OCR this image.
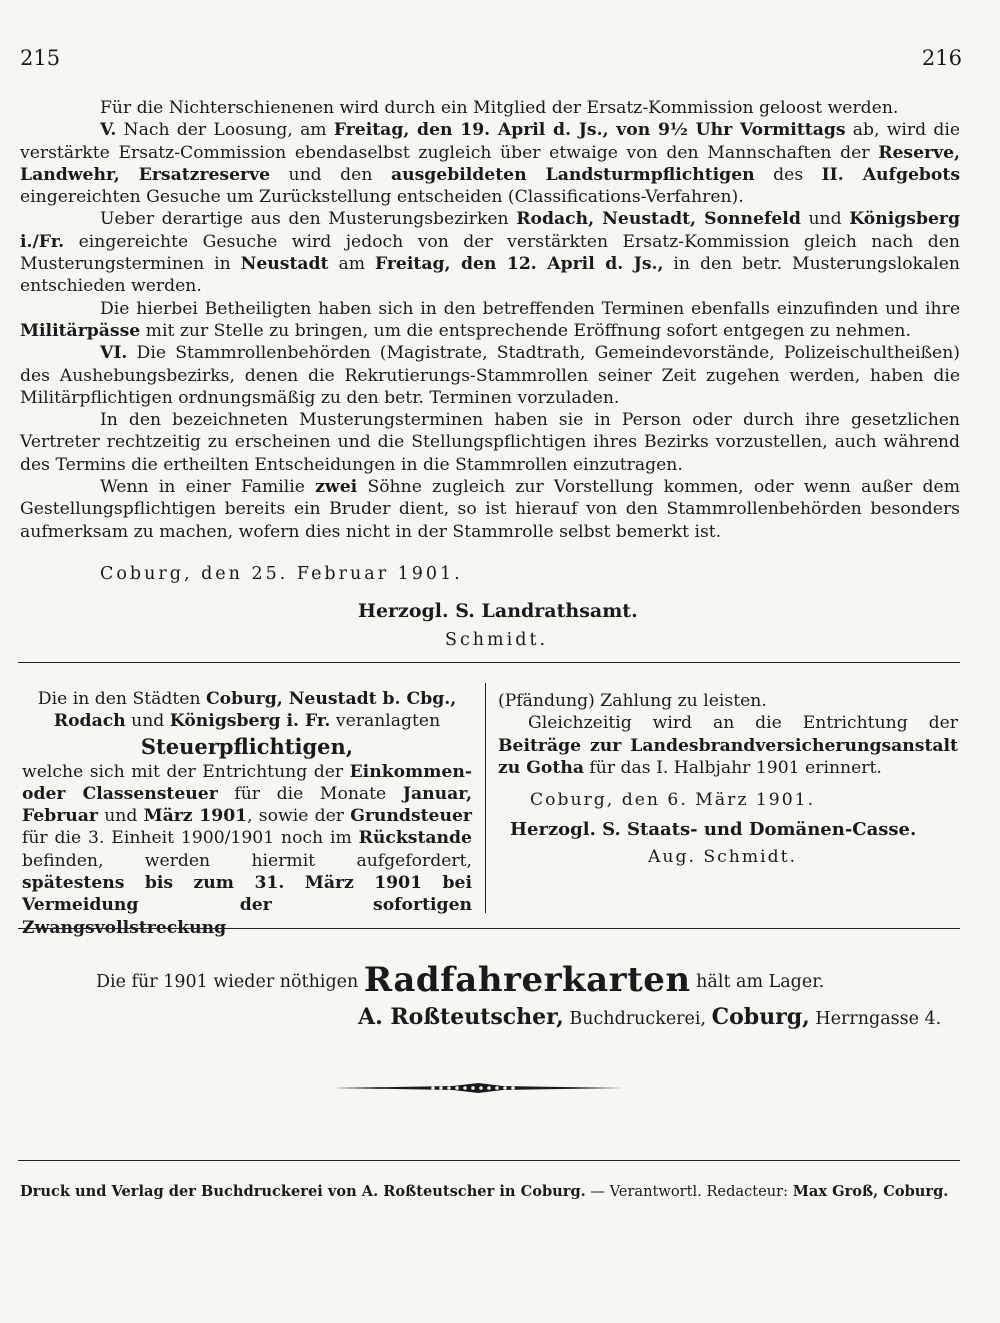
215	216

Für die Nichterschienenen wird durch ein Mitglied der Ersatz-Kommission geloost werden.

V. Nach der Loosung, am Freitag, den 19. April d. Js., von 9½ Uhr Vormittags ab, wird die verstärkte Ersatz-Commission ebendaselbst zugleich über etwaige von den Mannschaften der Reserve, Landwehr, Ersatzreserve und den ausgebildeten Landsturmpflichtigen des II. Aufgebots eingereichten Gesuche um Zurückstellung entscheiden (Classifications-Verfahren).

Ueber derartige aus den Musterungsbezirken Rodach, Neustadt, Sonnefeld und Königsberg i./Fr. eingereichte Gesuche wird jedoch von der verstärkten Ersatz-Kommission gleich nach den Musterungsterminen in Neustadt am Freitag, den 12. April d. Js., in den betr. Musterungslokalen entschieden werden.

Die hierbei Betheiligten haben sich in den betreffenden Terminen ebenfalls einzufinden und ihre Militärpässe mit zur Stelle zu bringen, um die entsprechende Eröffnung sofort entgegen zu nehmen.

VI. Die Stammrollenbehörden (Magistrate, Stadtrath, Gemeindevorstände, Polizeischultheißen) des Aushebungsbezirks, denen die Rekrutierungs-Stammrollen seiner Zeit zugehen werden, haben die Militärpflichtigen ordnungsmäßig zu den betr. Terminen vorzuladen.

In den bezeichneten Musterungsterminen haben sie in Person oder durch ihre gesetzlichen Vertreter rechtzeitig zu erscheinen und die Stellungspflichtigen ihres Bezirks vorzustellen, auch während des Termins die ertheilten Entscheidungen in die Stammrollen einzutragen.

Wenn in einer Familie zwei Söhne zugleich zur Vorstellung kommen, oder wenn außer dem Gestellungspflichtigen bereits ein Bruder dient, so ist hierauf von den Stammrollenbehörden besonders aufmerksam zu machen, wofern dies nicht in der Stammrolle selbst bemerkt ist.

Coburg, den 25. Februar 1901.
Herzogl. S. Landrathsamt.
Schmidt.

Die in den Städten Coburg, Neustadt b. Cbg., Rodach und Königsberg i. Fr. veranlagten

Steuerpflichtigen,

welche sich mit der Entrichtung der Einkommen- oder Classensteuer für die Monate Januar, Februar und März 1901, sowie der Grundsteuer für die 3. Einheit 1900/1901 noch im Rückstande befinden, werden hiermit aufgefordert, spätestens bis zum 31. März 1901 bei Vermeidung der sofortigen Zwangsvollstreckung

(Pfändung) Zahlung zu leisten.

Gleichzeitig wird an die Entrichtung der Beiträge zur Landesbrandversicherungsanstalt zu Gotha für das I. Halbjahr 1901 erinnert.

Coburg, den 6. März 1901.

Herzogl. S. Staats- und Domänen-Casse.

Aug. Schmidt.

Die für 1901 wieder nöthigen Radfahrerkarten hält am Lager.
A. Roßteutscher, Buchdruckerei, Coburg, Herrngasse 4.
Druck und Verlag der Buchdruckerei von A. Roßteutscher in Coburg. — Verantwortl. Redacteur: Max Groß, Coburg.
